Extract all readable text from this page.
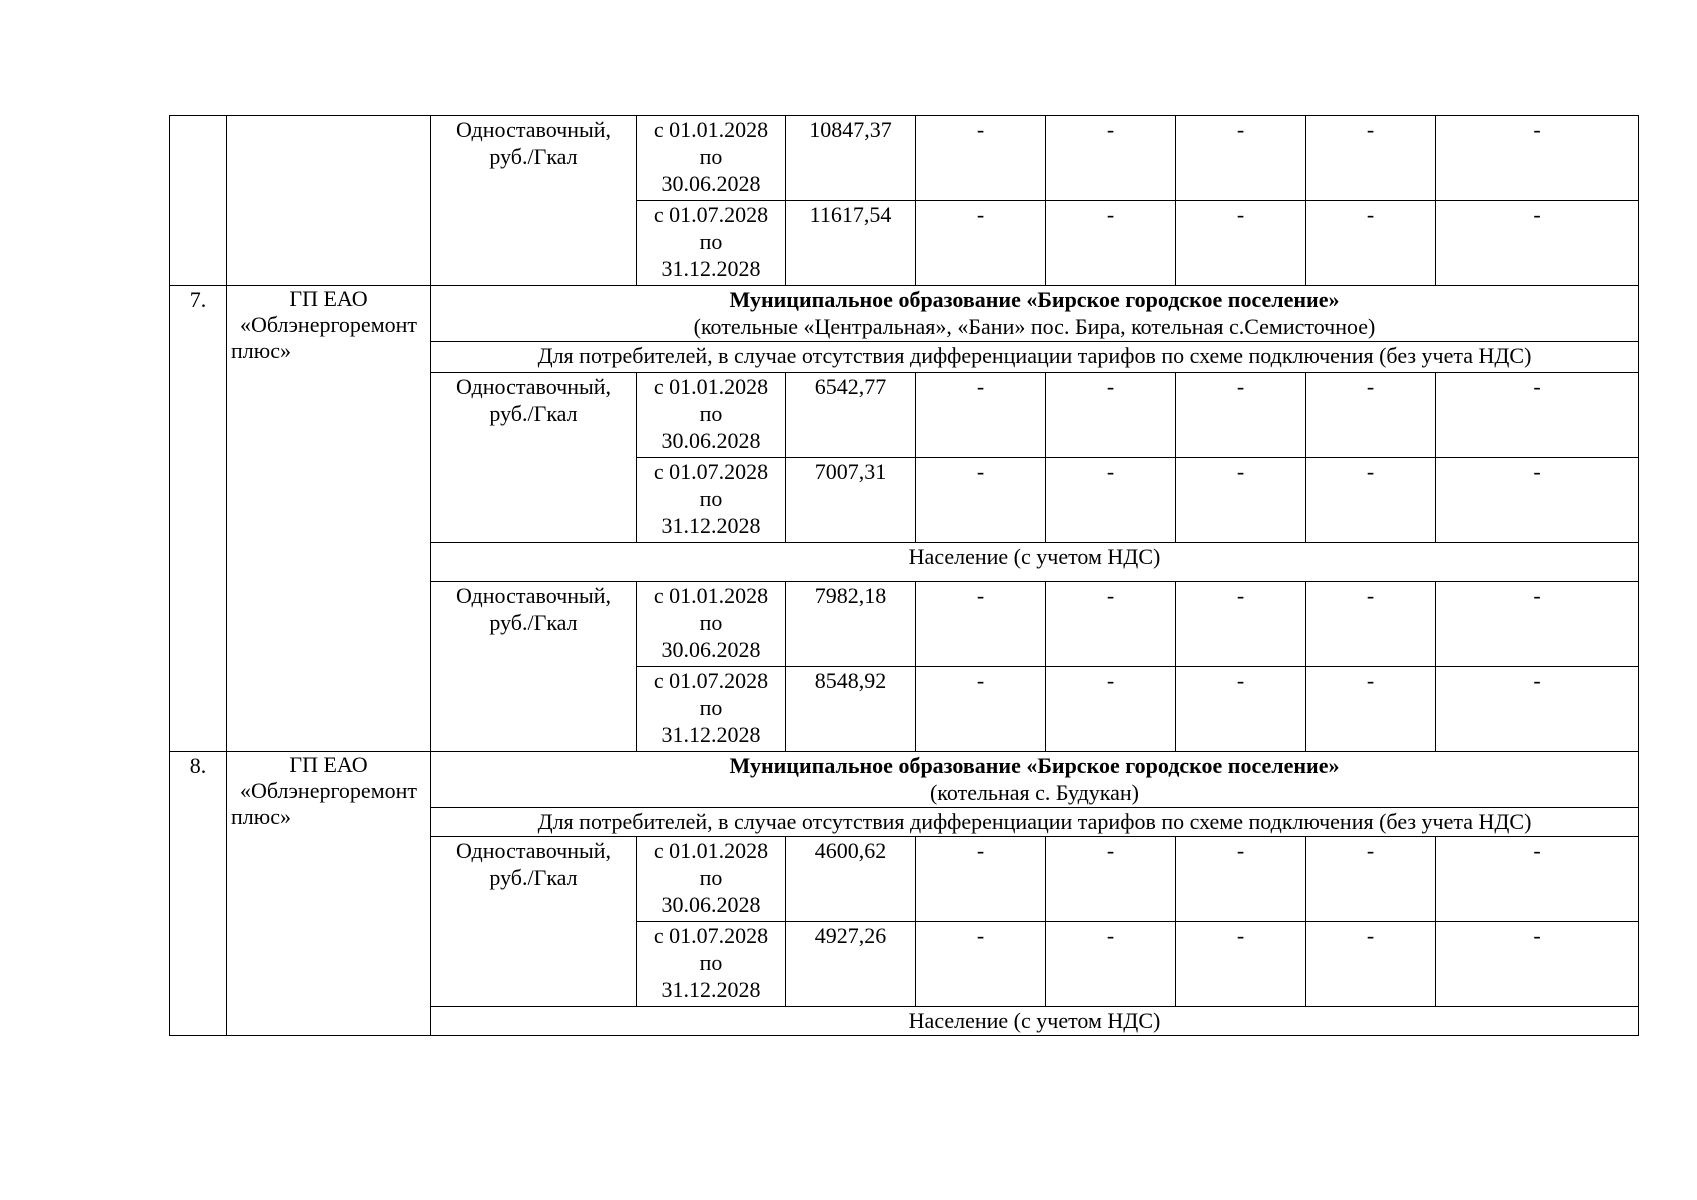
		Одноставочный, руб./Гкал	с 01.01.2028
по
30.06.2028	10847,37	-	-	-	-	-

			с 01.07.2028
по
31.12.2028	11617,54	-	-	-	-	-
7.	ГП ЕАО «Облэнергоремонт плюс»	Муниципальное образование «Бирское городское поселение»
(котельные «Центральная», «Бани» пос. Бира, котельная с.Семисточное)							

		Для потребителей, в случае отсутствия дифференциации тарифов по схеме подключения (без учета НДС)							
		Одноставочный, руб./Гкал	с 01.01.2028
по
30.06.2028	6542,77	-	-	-	-	-

			с 01.07.2028
по
31.12.2028	7007,31	-	-	-	-	-
		Население (с учетом НДС)							
		Одноставочный, руб./Гкал	с 01.01.2028
по
30.06.2028	7982,18	-	-	-	-	-

			с 01.07.2028
по
31.12.2028	8548,92	-	-	-	-	-
8.	ГП ЕАО «Облэнергоремонт плюс»	Муниципальное образование «Бирское городское поселение»
(котельная с. Будукан)							

		Для потребителей, в случае отсутствия дифференциации тарифов по схеме подключения (без учета НДС)							
		Одноставочный, руб./Гкал	с 01.01.2028
по
30.06.2028	4600,62	-	-	-	-	-

			с 01.07.2028
по
31.12.2028	4927,26	-	-	-	-	-
		Население (с учетом НДС)							
